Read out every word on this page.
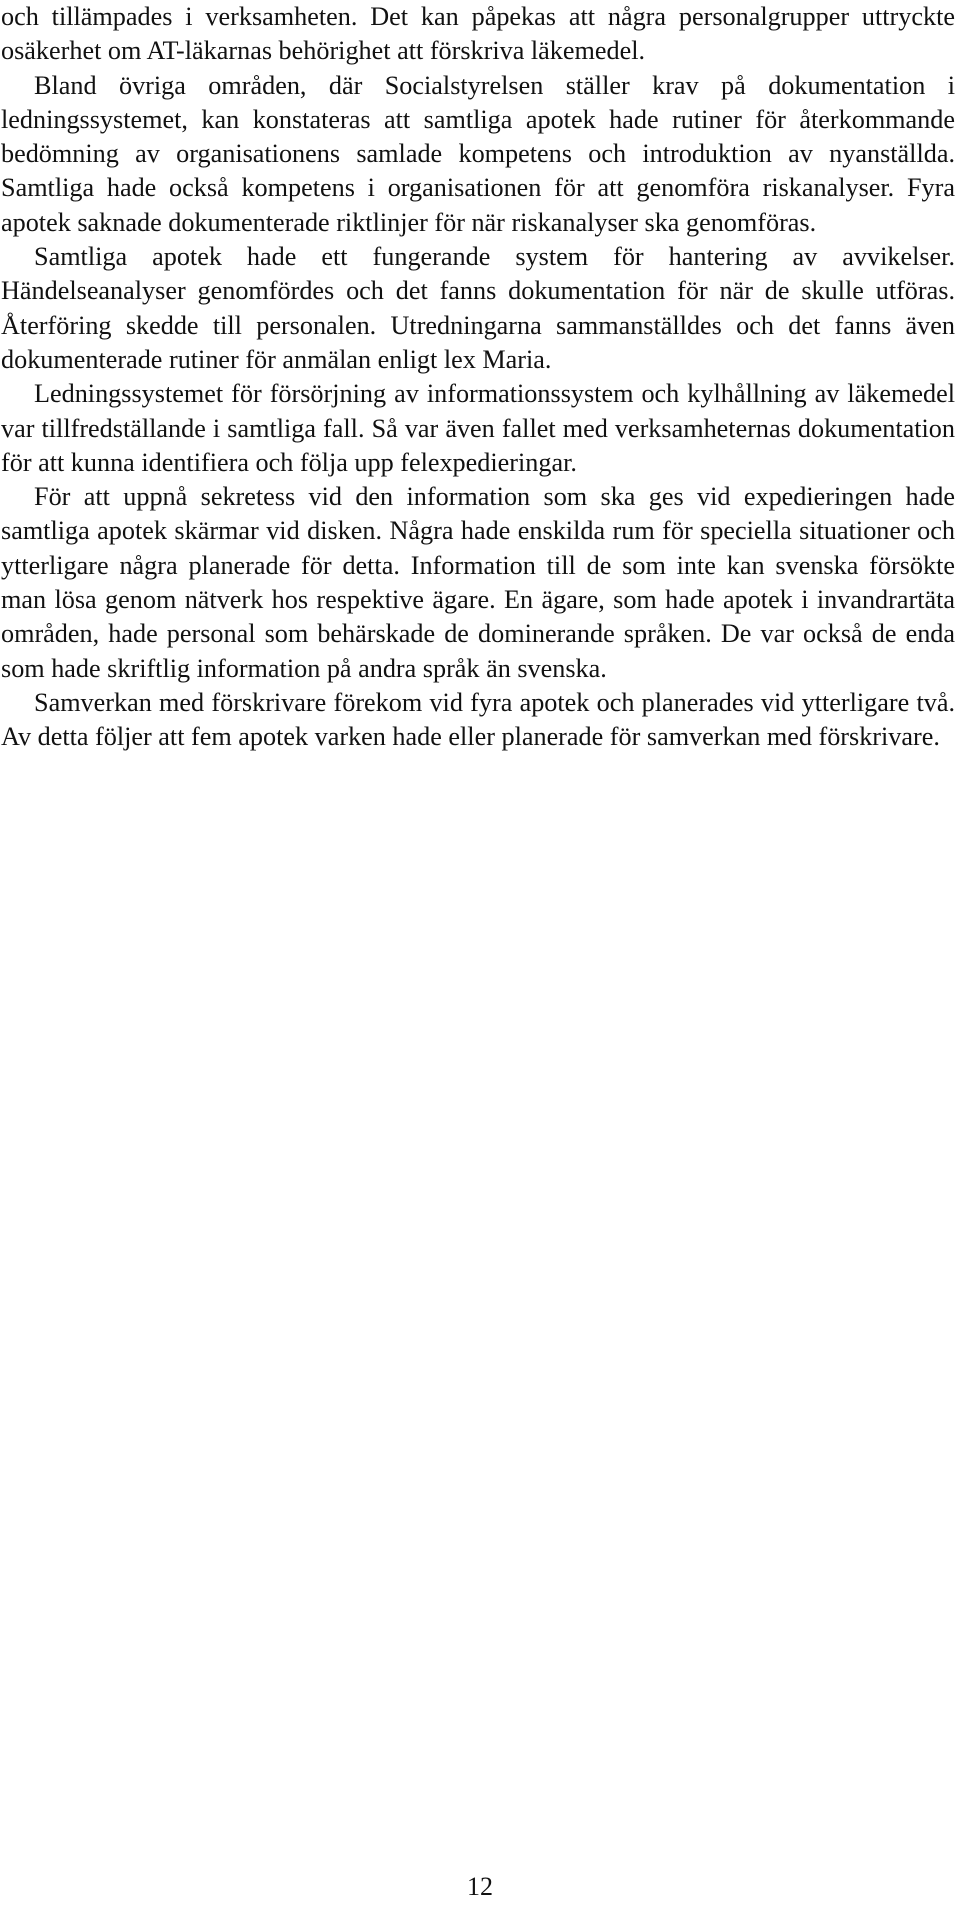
och tillämpades i verksamheten. Det kan påpekas att några personalgrupper uttryckte osäkerhet om AT-läkarnas behörighet att förskriva läkemedel.

Bland övriga områden, där Socialstyrelsen ställer krav på dokumentation i ledningssystemet, kan konstateras att samtliga apotek hade rutiner för återkommande bedömning av organisationens samlade kompetens och introduktion av nyanställda. Samtliga hade också kompetens i organisationen för att genomföra riskanalyser. Fyra apotek saknade dokumenterade riktlinjer för när riskanalyser ska genomföras.

Samtliga apotek hade ett fungerande system för hantering av avvikelser. Händelseanalyser genomfördes och det fanns dokumentation för när de skulle utföras. Återföring skedde till personalen. Utredningarna sammanställdes och det fanns även dokumenterade rutiner för anmälan enligt lex Maria.

Ledningssystemet för försörjning av informationssystem och kylhållning av läkemedel var tillfredställande i samtliga fall. Så var även fallet med verksamheternas dokumentation för att kunna identifiera och följa upp felexpedieringar.

För att uppnå sekretess vid den information som ska ges vid expedieringen hade samtliga apotek skärmar vid disken. Några hade enskilda rum för speciella situationer och ytterligare några planerade för detta. Information till de som inte kan svenska försökte man lösa genom nätverk hos respektive ägare. En ägare, som hade apotek i invandrartäta områden, hade personal som behärskade de dominerande språken. De var också de enda som hade skriftlig information på andra språk än svenska.

Samverkan med förskrivare förekom vid fyra apotek och planerades vid ytterligare två. Av detta följer att fem apotek varken hade eller planerade för samverkan med förskrivare.

12
